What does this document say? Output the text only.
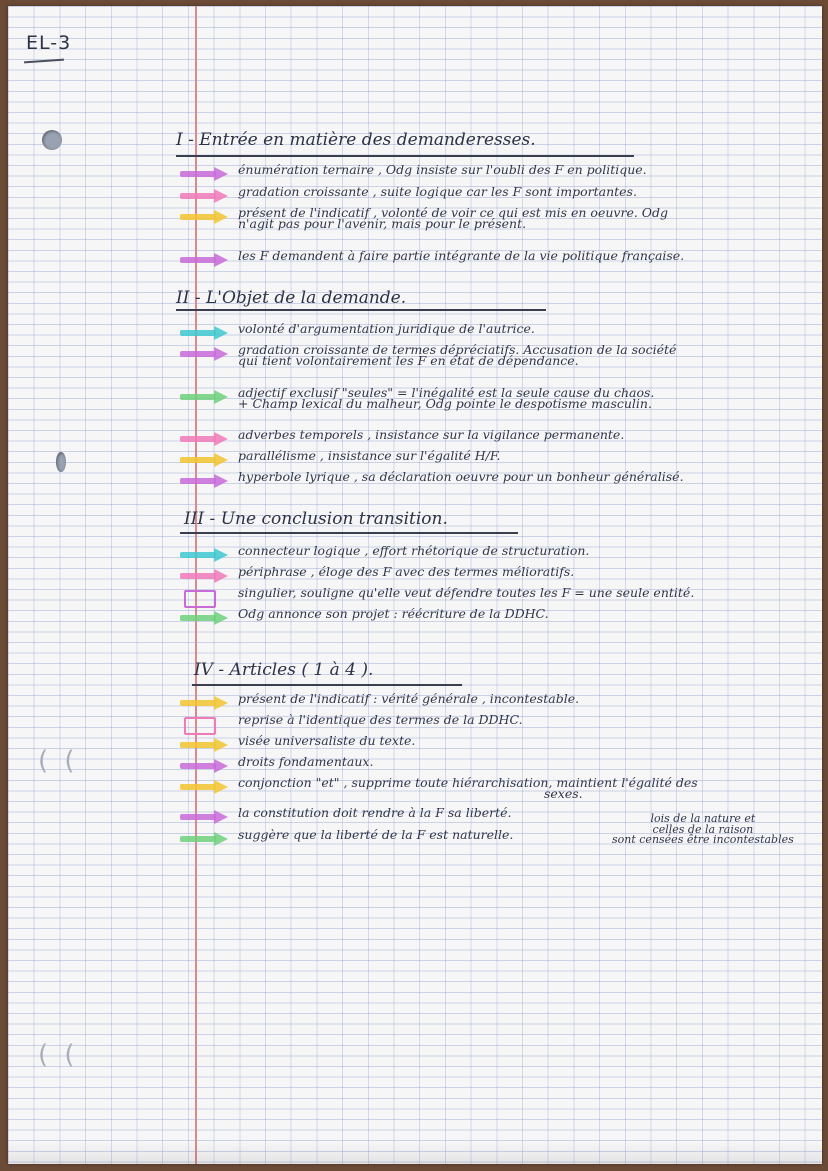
( (
( (
EL-3
I - Entrée en matière des demanderesses.
énumération ternaire , Odg insiste sur l'oubli des F en politique.
gradation croissante , suite logique car les F sont importantes.
présent de l'indicatif , volonté de voir ce qui est mis en oeuvre. Odg
n'agit pas pour l'avenir, mais pour le présent.
les F demandent à faire partie intégrante de la vie politique française.
II - L'Objet de la demande.
volonté d'argumentation juridique de l'autrice.
gradation croissante de termes dépréciatifs. Accusation de la société
qui tient volontairement les F en état de dépendance.
adjectif exclusif "seules" = l'inégalité est la seule cause du chaos.
+ Champ lexical du malheur, Odg pointe le despotisme masculin.
adverbes temporels , insistance sur la vigilance permanente.
parallélisme , insistance sur l'égalité H/F.
hyperbole lyrique , sa déclaration oeuvre pour un bonheur généralisé.
III - Une conclusion transition.
connecteur logique , effort rhétorique de structuration.
périphrase , éloge des F avec des termes mélioratifs.
singulier, souligne qu'elle veut défendre toutes les F = une seule entité.
Odg annonce son projet : réécriture de la DDHC.
IV - Articles ( 1 à 4 ).
présent de l'indicatif : vérité générale , incontestable.
reprise à l'identique des termes de la DDHC.
visée universaliste du texte.
droits fondamentaux.
conjonction "et" , supprime toute hiérarchisation, maintient l'égalité des
sexes.
la constitution doit rendre à la F sa liberté.
suggère que la liberté de la F est naturelle.
lois de la nature et
celles de la raison
sont censées être incontestables
